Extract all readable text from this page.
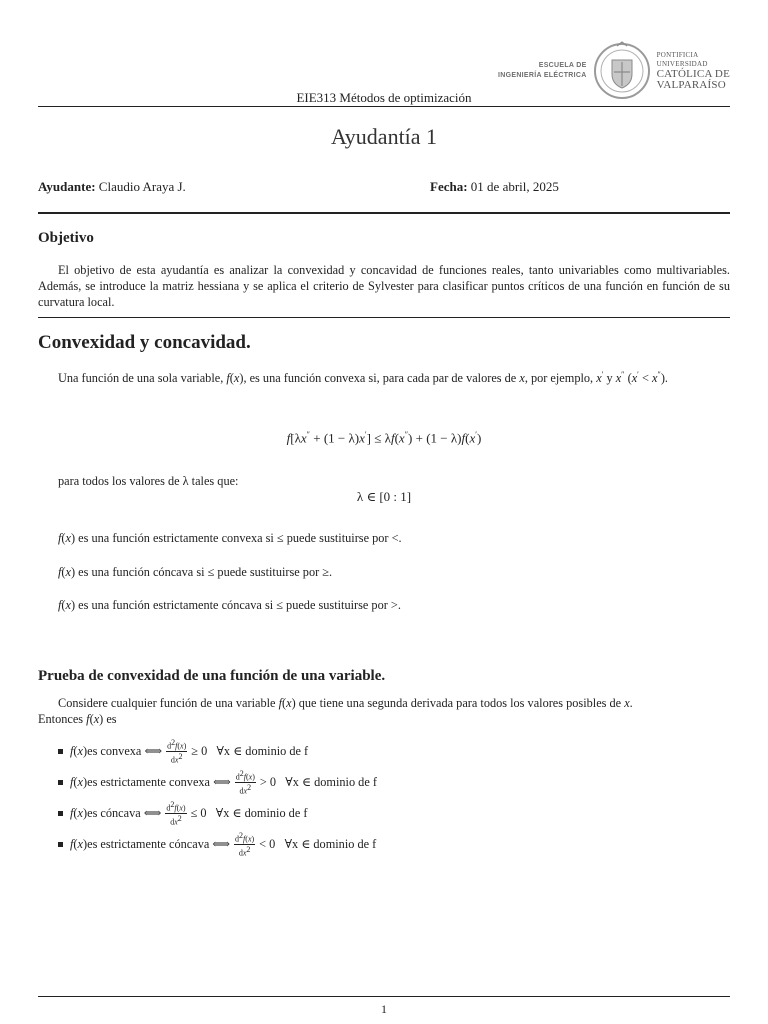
ESCUELA DE
INGENIERÍA ELÉCTRICA
PONTIFICIA
UNIVERSIDAD
CATÓLICA DE
VALPARAÍSO
EIE313 Métodos de optimización
Ayudantía 1
Ayudante: Claudio Araya J.	Fecha: 01 de abril, 2025
Objetivo
El objetivo de esta ayudantía es analizar la convexidad y concavidad de funciones reales, tanto univariables como multivariables. Además, se introduce la matriz hessiana y se aplica el criterio de Sylvester para clasificar puntos críticos de una función en función de su curvatura local.
Convexidad y concavidad.
Una función de una sola variable, f(x), es una función convexa si, para cada par de valores de x, por ejemplo, x′ y x″ (x′ < x″).
f[λx″ + (1 − λ)x′] ≤ λf(x″) + (1 − λ)f(x′)
para todos los valores de λ tales que:
λ ∈ [0 : 1]
f(x) es una función estrictamente convexa si ≤ puede sustituirse por <.
f(x) es una función cóncava si ≤ puede sustituirse por ≥.
f(x) es una función estrictamente cóncava si ≤ puede sustituirse por >.
Prueba de convexidad de una función de una variable.
Considere cualquier función de una variable f(x) que tiene una segunda derivada para todos los valores posibles de x.
Entonces f(x) es
f ( x ) es convexa ⟺ $\frac{d^2f(x)}{dx^2} \ge 0$
∀x ∈ dominio de f
f ( x ) es estrictamente convexa ⟺ $\frac{d^2f(x)}{dx^2} > 0$
∀x ∈ dominio de f
f ( x ) es cóncava ⟺ $\frac{d^2f(x)}{dx^2} \le 0$
∀x ∈ dominio de f
f ( x ) es estrictamente cóncava ⟺ $\frac{d^2f(x)}{dx^2} < 0$
∀x ∈ dominio de f
1
